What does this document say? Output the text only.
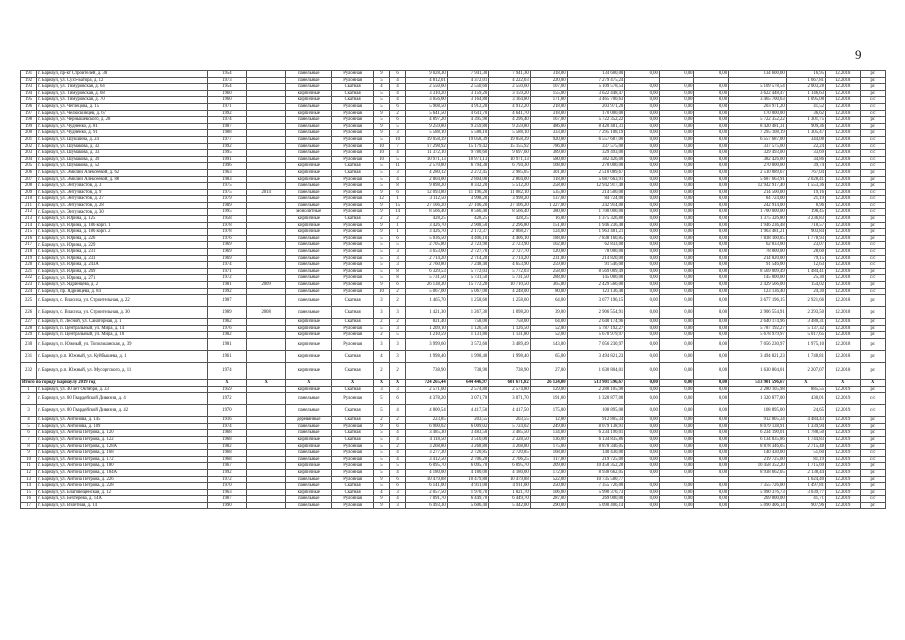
9
191	г. Барнаул, пр-кт Строителей, д. 38	1954		панельные	Рулонная	9	6	9 028,30	7 941,30	7 941,30	318,00	134 600,00	0,00	0,00	0,00	134 600,00	16,95	12.2018	рс
192	г. Барнаул, ул. Сухэ-Батора, д. 12	1973		панельные	Рулонная	5	4	4 812,01	4 372,01	4 222,03	220,00	7 279 475,24					1 667,81	12.2018	рс
193	г. Барнаул, ул. Тимуровская, д. 64	1954		панельные	Скатная	4	4	2 550,60	2 550,60	2 550,60	107,00	5 109 578,54	0,00	0,00	0,00	5 109 578,54	2 003,28	12.2018	рс
194	г. Барнаул, ул. Тимуровская, д. 68	1960		кирпичные	Скатная	5	4	3 310,20	3 159,20	3 159,20	155,00	3 622 448,47	0,00	0,00	0,00	3 622 448,47	1 146,63	12.2018	рс
195	г. Барнаул, ул. Тимуровская, д. 70	1960		кирпичные	Скатная	5	4	3 056,00	3 164,80	3 164,80	171,00	3 465 700,63	0,00	0,00	0,00	3 465 700,63	1 095,08	12.2018	с/с
196	г. Барнаул, ул. Чеглецова, д. 15	1971		панельные	Рулонная	5	6	5 908,50	4 912,20	4 912,20	218,00	203 971,20	0,00	0,00	0,00	203 971,20	41,52	12.2018	с/с
197	г. Барнаул, ул. Челюскинцев, д. 67	1992		кирпичные	Рулонная	9	2	5 641,50	4 641,70	4 641,70	318,00	170 000,00	0,00	0,00	0,00	170 000,00	36,62	12.2018	с/с
198	г. Барнаул, ул. Чернышевского, д. 28	1974		панельные	Рулонная	5	6	4 897,20	4 395,90	4 296,40	167,00	5 722 352,22	0,00	0,00	0,00	5 722 352,22	1 301,75	12.2018	рс
199	г. Барнаул, ул. Чудненко, д. 81	1987		панельные	Рулонная	9	5	9 259,80	9 259,80	9 259,80	486,00	8 420 481,31	0,00	0,00	0,00	8 420 481,31	909,36	12.2018	рс
200	г. Барнаул, ул. Чудненко, д. 91	1988		панельные	Рулонная	9	3	5 588,10	5 588,10	5 588,10	333,00	7 295 108,19	0,00	0,00	0,00	7 295 108,19	1 305,47	12.2018	рс
201	г. Барнаул, ул. Шукшина, д. 24	1977		панельные	Рулонная	5	10	19 058,39	19 058,39	19 058,39	920,00	6 557 687,00	0,00	0,00	0,00	6 557 687,00	344,08	12.2018	с/с
202	г. Барнаул, ул. Шумакова, д. 32	1992		панельные	Рулонная	10	7	17 298,92	15 179,42	15 155,92	786,00	337 575,00	0,00	0,00	0,00	337 575,00	22,24	12.2018	с/с
203	г. Барнаул, ул. Шумакова, д. 33	1995		панельные	Рулонная	10	4	11 372,10	9 780,60	9 697,60	389,00	329 493,00	0,00	0,00	0,00	329 493,00	33,69	12.2018	с/с
204	г. Барнаул, ул. Шумакова, д. 39	1991		панельные	Рулонная	10	5	10 971,13	10 971,13	10 971,13	580,00	382 426,00	0,00	0,00	0,00	382 426,00	34,86	12.2018	с/с
205	г. Барнаул, ул. Шумакова, д. 52	1996		кирпичные	Скатная	5	11	2 570,80	6 794,30	6 794,30	108,00	270 000,00	0,00	0,00	0,00	270 000,00	39,74	12.2018	с/с
206	г. Барнаул, ул. Эмилии Алексеевой, д. 62	1963		кирпичные	Скатная	5	3	4 280,12	2 272,45	2 985,05	301,00	2 510 089,67	0,00	0,00	0,00	2 510 089,67	767,04	12.2018	рс
207	г. Барнаул, ул. Эмилии Алексеевой, д. 88	1983		кирпичные	Рулонная	5	4	2 804,00	2 804,00	2 804,00	118,00	5 687 663,91	0,00	0,00	0,00	5 687 663,91	2 028,41	12.2018	рс
208	г. Барнаул, ул. Энтузиастов, д. 3	1975		панельные	Рулонная	5	8	9 898,20	8 332,20	5 512,20	258,00	12 942 917,40	0,00	0,00	0,00	12 942 917,40	1 553,36	12.2018	рс
209	г. Барнаул, ул. Энтузиастов, д. 9	1975	2014	панельные	Рулонная	9	6	12 093,80	11 196,20	11 082,10	535,00	214 500,00	0,00	0,00	0,00	214 500,00	19,16	12.2018	с/с
210	г. Барнаул, ул. Энтузиастов, д. 27	1979		панельные	Рулонная	12	1	3 112,50	3 998,20	3 998,20	137,00	84 724,00	0,00	0,00	0,00	84 724,00	21,19	12.2018	с/с
211	г. Барнаул, ул. Энтузиастов, д. 28	1989		панельные	Рулонная	9	15	27 106,20	27 106,20	27 106,20	1 227,00	242 914,00	0,00	0,00	0,00	242 914,00	8,96	12.2018	с/с
212	г. Барнаул, ул. Энтузиастов, д. 30	1995		монолитные	Рулонная	9	14	8 566,40	8 566,40	8 566,40	380,00	1 700 000,00	0,00	0,00	0,00	1 700 000,00	198,45	12.2018	с/с
213	г. Барнаул, ул. Юрина, д. 125	1958		кирпичные	Скатная	2	2	428,25	428,25	428,25	16,00	1 375 326,80	0,00	0,00	0,00	1 375 326,80	3 236,83	12.2018	рс
214	г. Барнаул, ул. Юрина, д. 186 корп. 1	1978		кирпичные	Рулонная	9	1	3 426,70	2 908,50	2 296,80	151,00	1 946 236,48	0,00	0,00	0,00	1 946 236,48	718,57	12.2018	рс
215	г. Барнаул, ул. Юрина, д. 186 корп. 2	1978		кирпичные	Рулонная	9	1	3 426,70	2 172,37	2 068,27	124,00	1 963 481,21	0,00	0,00	0,00	1 963 481,21	903,84	12.2018	рс
216	г. Барнаул, ул. Юрина, д. 226	1976		панельные	Рулонная	5	6	5 036,50	4 406,10	4 406,10	188,00	7 838 160,85	0,00	0,00	0,00	7 838 160,85	1 778,93	12.2018	рс
217	г. Барнаул, ул. Юрина, д. 229	1969		панельные	Рулонная	5	5	2 705,80	2 723,90	2 723,90	102,00	62 833,00	0,00	0,00	0,00	62 833,00	23,07	12.2018	с/с
218	г. Барнаул, ул. Юрина, д. 231	1969		панельные	Рулонная	5	3	3 653,00	2 727,70	2 727,70	120,00	78 000,00	0,00	0,00	0,00	78 000,00	28,60	12.2018	с/с
219	г. Барнаул, ул. Юрина, д. 233	1969		панельные	Рулонная	5	3	2 714,20	2 714,20	2 714,20	231,00	214 820,00	0,00	0,00	0,00	214 820,00	79,15	12.2018	с/с
220	г. Барнаул, ул. Юрина, д. 243А	1974		панельные	Рулонная	5	3	2 760,80	7 248,40	4 653,90	259,00	91 546,00	0,00	0,00	0,00	91 546,00	12,63	12.2018	с/с
221	г. Барнаул, ул. Юрина, д. 269	1971		панельные	Рулонная	5	8	6 329,53	5 772,03	5 772,03	258,00	8 569 009,49	0,00	0,00	0,00	8 569 009,49	1 484,41	12.2018	рс
222	г. Барнаул, ул. Юрина, д. 271	1972		панельные	Рулонная	5	8	5 731,50	5 731,50	5 731,50	288,00	145 000,00	0,00	0,00	0,00	145 000,00	25,30	12.2018	с/с
223	г. Барнаул, ул. Ядринцева, д. 2	1981	2009	панельные	Рулонная	9	6	26 138,30	15 772,20	10 710,50	365,00	2 429 566,00	0,00	0,00	0,00	2 429 566,00	154,02	12.2018	рс
224	г. Барнаул, пр. Ядринцева, д. 84	1992		панельные	Рулонная	10	2	5 067,00	5 067,00	4 248,00	80,00	123 136,40	0,00	0,00	0,00	123 136,40	24,30	12.2018	с/с
225	г. Барнаул, с. Власиха, ул. Строительная, д. 22	1987		панельные	Скатная	3	2	1 465,70	1 258,60	1 258,60	64,00	3 677 196,15	0,00	0,00	0,00	3 677 196,15	2 921,66	12.2018	рс
226	г. Барнаул, с. Власиха, ул. Строительная, д. 30	1989	2008	панельные	Скатная	3	3	1 421,30	1 267,30	1 098,20	39,00	2 906 554,91	0,00	0,00	0,00	2 906 554,91	2 293,50	12.2018	рс
227	г. Барнаул, п. Лесной, ул. Санаторная, д. 1	1962		кирпичные	Скатная	2	2	821,40	758,00	758,00	64,00	2 640 174,96	0,00	0,00	0,00	2 640 174,96	3 480,31	12.2018	рс
228	г. Барнаул, п. Центральный, ул. Мира, д. 14	1976		кирпичные	Рулонная	5	3	1 209,10	1 126,50	1 126,50	52,00	5 787 192,27	0,00	0,00	0,00	5 787 192,27	5 137,32	12.2018	рс
229	г. Барнаул, п. Центральный, ул. Мира, д. 18	1982		кирпичные	Рулонная	2	5	1 210,59	1 131,80	1 131,80	52,00	5 678 979,97	0,00	0,00	0,00	5 678 979,97	5 017,65	12.2018	рс
230	г. Барнаул, п. Южный, ул. Топольчанская, д. 39	1981		кирпичные	Рулонная	3	3	3 999,60	3 572,60	3 489,49	143,00	7 056 230,97	0,00	0,00	0,00	7 056 230,97	1 975,10	12.2018	рс
231	г. Барнаул, р.п. Южный, ул. Куйбышева, д. 1	1961		кирпичные	Скатная	4	3	1 998,40	1 998,40	1 998,40	65,00	3 494 821,23	0,00	0,00	0,00	3 494 821,23	1 748,81	12.2018	рс
232	г. Барнаул, р.п. Южный, ул. Мусоргского, д. 11	1974		кирпичные	Скатная	2	2	738,90	738,90	738,90	27,00	1 630 804,01	0,00	0,00	0,00	1 630 804,01	2 207,07	12.2018	рс
Итого по городу Барнаулу 2019 год		X	X	X	X	X	X	724 265,44	644 446,97	601 671,82	26 124,00	513 901 596,67	0,00	0,00	0,00	513 901 596,67	X	X	X
1	г. Барнаул, ул. 40 лет Октября, д. 33	1959		кирпичные	Скатная	3	3	2 571,60	2 574,80	2 574,80	129,00	2 280 105,98	0,00	0,00	0,00	2 280 105,98	885,55	12.2019	рс
2	г. Барнаул, ул. 80 Гвардейской Дивизии, д. 4	1972		панельные	Рулонная	5	6	4 378,20	3 071,70	3 071,70	191,00	1 320 877,00	0,00	0,00	0,00	1 320 877,00	430,01	12.2019	с/с
3	г. Барнаул, ул. 80 Гвардейской Дивизии, д. 42	1970		панельные	Скатная	5	4	4 800,54	4 417,50	4 417,50	175,00	108 895,00	0,00	0,00	0,00	108 895,00	24,65	12.2019	с/с
4	г. Барнаул, ул. Антонова, д. 145	1916		деревянные	Скатная	2	2	223,85	203,55	203,55	12,00	912 805,34	0,00	0,00	0,00	912 805,34	4 484,43	12.2019	рс
5	г. Барнаул, ул. Антонова, д. 109	1974		панельные	Рулонная	9	6	6 900,02	6 009,02	5 724,02	249,00	8 079 138,91	0,00	0,00	0,00	8 079 138,91	1 339,94	12.2019	рс
6	г. Барнаул, ул. Антона Петрова, д. 120	1968		панельные	Скатная	5	4	3 485,30	3 483,50	3 485,50	134,00	6 234 190,01	0,00	0,00	0,00	6 234 190,01	1 788,50	12.2019	рс
7	г. Барнаул, ул. Антона Петрова, д. 122	1968		кирпичные	Скатная	5	4	4 118,50	3 516,00	2 328,50	136,00	6 134 835,86	0,00	0,00	0,00	6 134 835,86	1 744,83	12.2019	рс
8	г. Барнаул, ул. Антона Петрова, д. 128А	1982		кирпичные	Рулонная	5	2	3 268,80	3 268,80	3 268,80	175,00	8 878 346,05	0,00	0,00	0,00	8 878 346,05	2 715,48	12.2019	рс
9	г. Барнаул, ул. Антона Петрова, д. 168	1968		панельные	Рулонная	5	4	3 277,30	2 720,85	2 720,85	168,00	140 430,00	0,00	0,00	0,00	140 430,00	51,60	12.2019	с/с
10	г. Барнаул, ул. Антона Петрова, д. 172	1968		панельные	Рулонная	5	4	3 412,50	2 706,20	2 706,25	117,00	219 725,00	0,00	0,00	0,00	219 725,00	81,19	12.2019	с/с
11	г. Барнаул, ул. Антона Петрова, д. 180	1967		кирпичные	Рулонная	5	5	6 095,70	6 095,70	6 095,70	209,00	10 458 352,20	0,00	0,00	0,00	10 458 352,20	1 715,69	12.2019	рс
12	г. Барнаул, ул. Антона Петрова, д. 184А	1992		кирпичные	Рулонная	5	4	4 180,00	4 180,00	4 180,00	172,00	8 938 662,05	0,00	0,00	0,00	8 938 662,05	2 138,44	12.2019	рс
13	г. Барнаул, ул. Антона Петрова, д. 226	1972		панельные	Рулонная	9	6	10 479,88	10 479,88	10 479,88	522,00	10 735 580,77					1 024,40	12.2019	рс
14	г. Барнаул, ул. Антона Петрова, д. 228	1970		панельные	Скатная	5	6	6 141,00	4 911,00	4 911,00	250,00	7 355 726,00	0,00	0,00	0,00	7 355 726,00	1 497,81	12.2019	рс
15	г. Барнаул, ул. Благовещенская, д. 12	1963		кирпичные	Скатная	4	3	2 057,50	1 970,70	1 821,70	106,00	5 990 376,73	0,00	0,00	0,00	5 990 376,73	3 039,77	12.2019	рс
16	г. Барнаул, ул. Бехтерева, д. 14А	1987		панельные	Рулонная	9	4	7 091,70	6 449,70	6 449,70	287,00	269 000,00	0,00	0,00	0,00	269 000,00	41,71	12.2019	с/с
17	г. Барнаул, ул. Взлетная, д. 14	1990		панельные	Рулонная	9	3	6 493,30	5 606,40	5 442,00	290,00	5 090 406,14	0,00	0,00	0,00	5 090 406,14	907,96	12.2019	рс
